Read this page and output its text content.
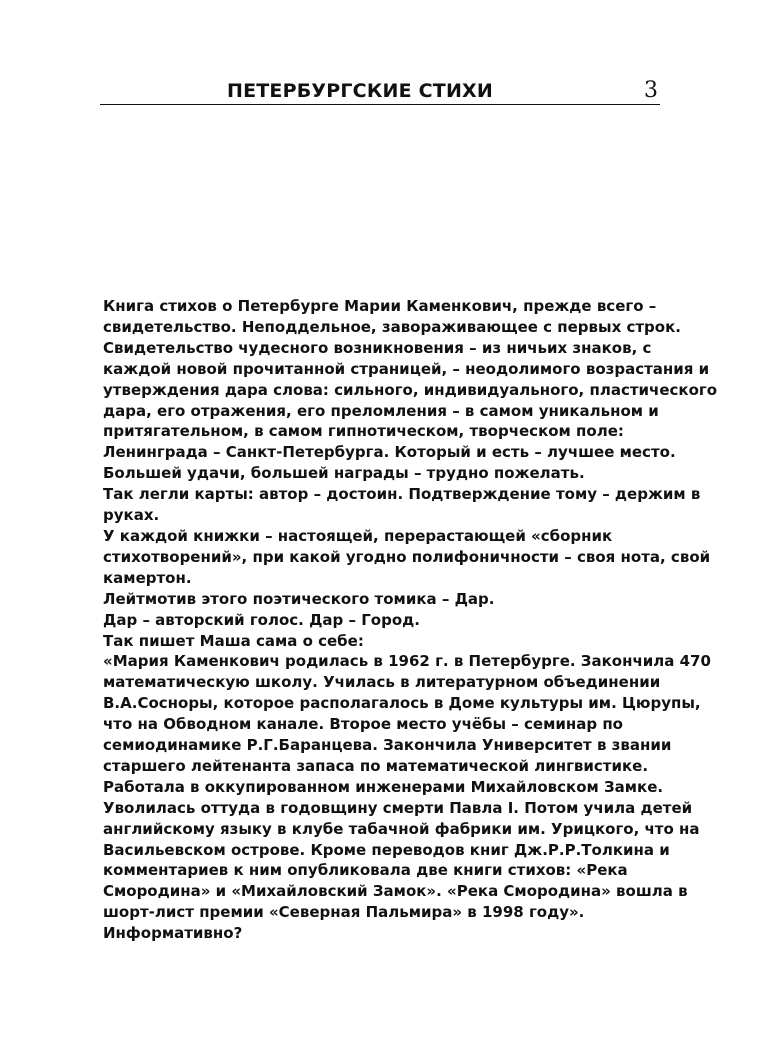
ПЕТЕРБУРГСКИЕ СТИХИ	3
Книга стихов о Петербурге Марии Каменкович, прежде всего –
свидетельство. Неподдельное, завораживающее с первых строк.
Свидетельство чудесного возникновения – из ничьих знаков, с
каждой новой прочитанной страницей, – неодолимого возрастания и
утверждения дара слова: сильного, индивидуального, пластического
дара, его отражения, его преломления – в самом уникальном и
притягательном, в самом гипнотическом, творческом поле:
Ленинграда – Санкт-Петербурга. Который и есть – лучшее место.
Большей удачи, большей награды – трудно пожелать.
Так легли карты: автор – достоин. Подтверждение тому – держим в
руках.
У каждой книжки – настоящей, перерастающей «сборник
стихотворений», при какой угодно полифоничности – своя нота, свой
камертон.
Лейтмотив этого поэтического томика – Дар.
Дар – авторский голос. Дар – Город.
Так пишет Маша сама о себе:
«Мария Каменкович родилась в 1962 г. в Петербурге. Закончила 470
математическую школу. Училась в литературном объединении
В.А.Сосноры, которое располагалось в Доме культуры им. Цюрупы,
что на Обводном канале. Второе место учёбы – семинар по
семиодинамике Р.Г.Баранцева. Закончила Университет в звании
старшего лейтенанта запаса по математической лингвистике.
Работала в оккупированном инженерами Михайловском Замке.
Уволилась оттуда в годовщину смерти Павла I. Потом учила детей
английскому языку в клубе табачной фабрики им. Урицкого, что на
Васильевском острове. Кроме переводов книг Дж.Р.Р.Толкина и
комментариев к ним опубликовала две книги стихов: «Река
Смородина» и «Михайловский Замок». «Река Смородина» вошла в
шорт-лист премии «Северная Пальмира» в 1998 году».
Информативно?
